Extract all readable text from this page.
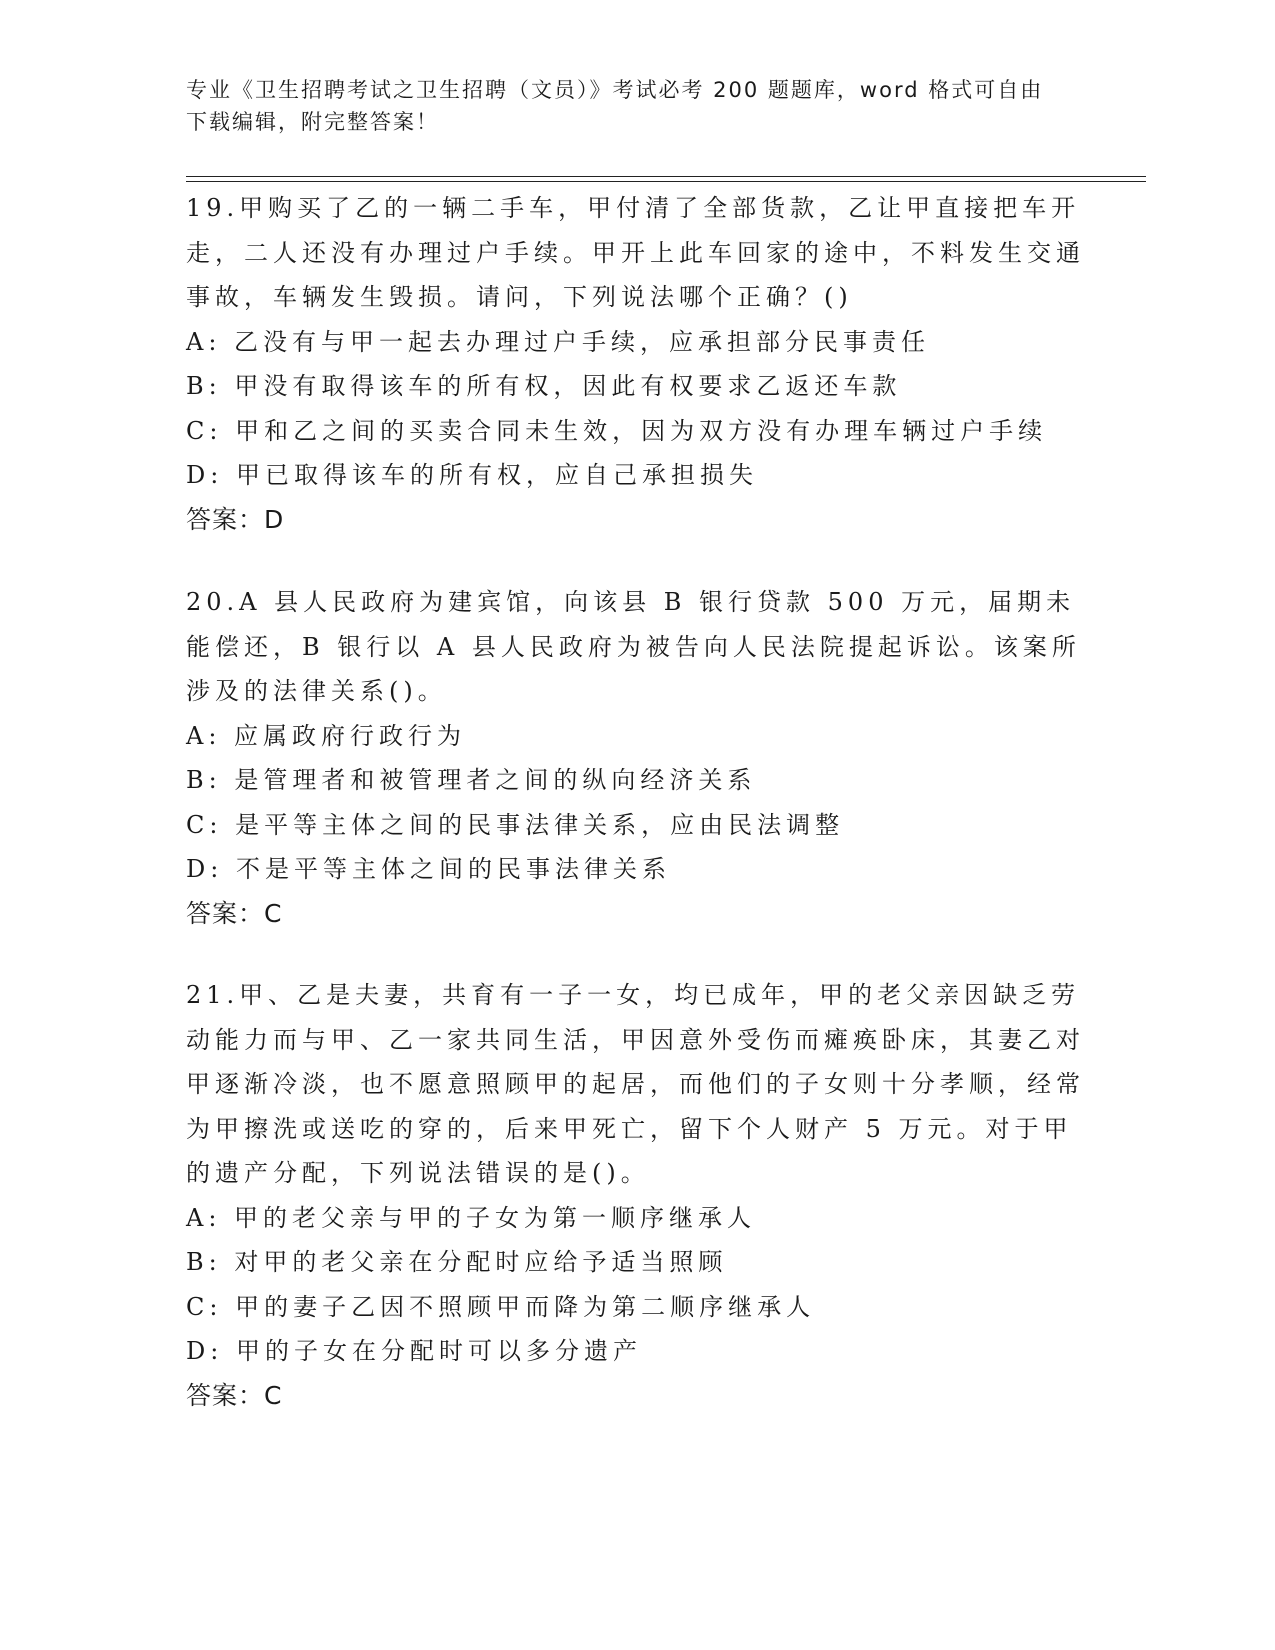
专业《卫生招聘考试之卫生招聘（文员）》考试必考 200 题题库，word 格式可自由下载编辑，附完整答案！

19.甲购买了乙的一辆二手车，甲付清了全部货款，乙让甲直接把车开走，二人还没有办理过户手续。甲开上此车回家的途中，不料发生交通事故，车辆发生毁损。请问，下列说法哪个正确？()

A: 乙没有与甲一起去办理过户手续，应承担部分民事责任
B: 甲没有取得该车的所有权，因此有权要求乙返还车款
C: 甲和乙之间的买卖合同未生效，因为双方没有办理车辆过户手续
D: 甲已取得该车的所有权，应自己承担损失
答案：D

20.A 县人民政府为建宾馆，向该县 B 银行贷款 500 万元，届期未能偿还，B 银行以 A 县人民政府为被告向人民法院提起诉讼。该案所涉及的法律关系()。

A: 应属政府行政行为
B: 是管理者和被管理者之间的纵向经济关系
C: 是平等主体之间的民事法律关系，应由民法调整
D: 不是平等主体之间的民事法律关系
答案：C

21.甲、乙是夫妻，共育有一子一女，均已成年，甲的老父亲因缺乏劳动能力而与甲、乙一家共同生活，甲因意外受伤而瘫痪卧床，其妻乙对甲逐渐冷淡，也不愿意照顾甲的起居，而他们的子女则十分孝顺，经常为甲擦洗或送吃的穿的，后来甲死亡，留下个人财产 5 万元。对于甲的遗产分配，下列说法错误的是()。

A: 甲的老父亲与甲的子女为第一顺序继承人
B: 对甲的老父亲在分配时应给予适当照顾
C: 甲的妻子乙因不照顾甲而降为第二顺序继承人
D: 甲的子女在分配时可以多分遗产
答案：C
